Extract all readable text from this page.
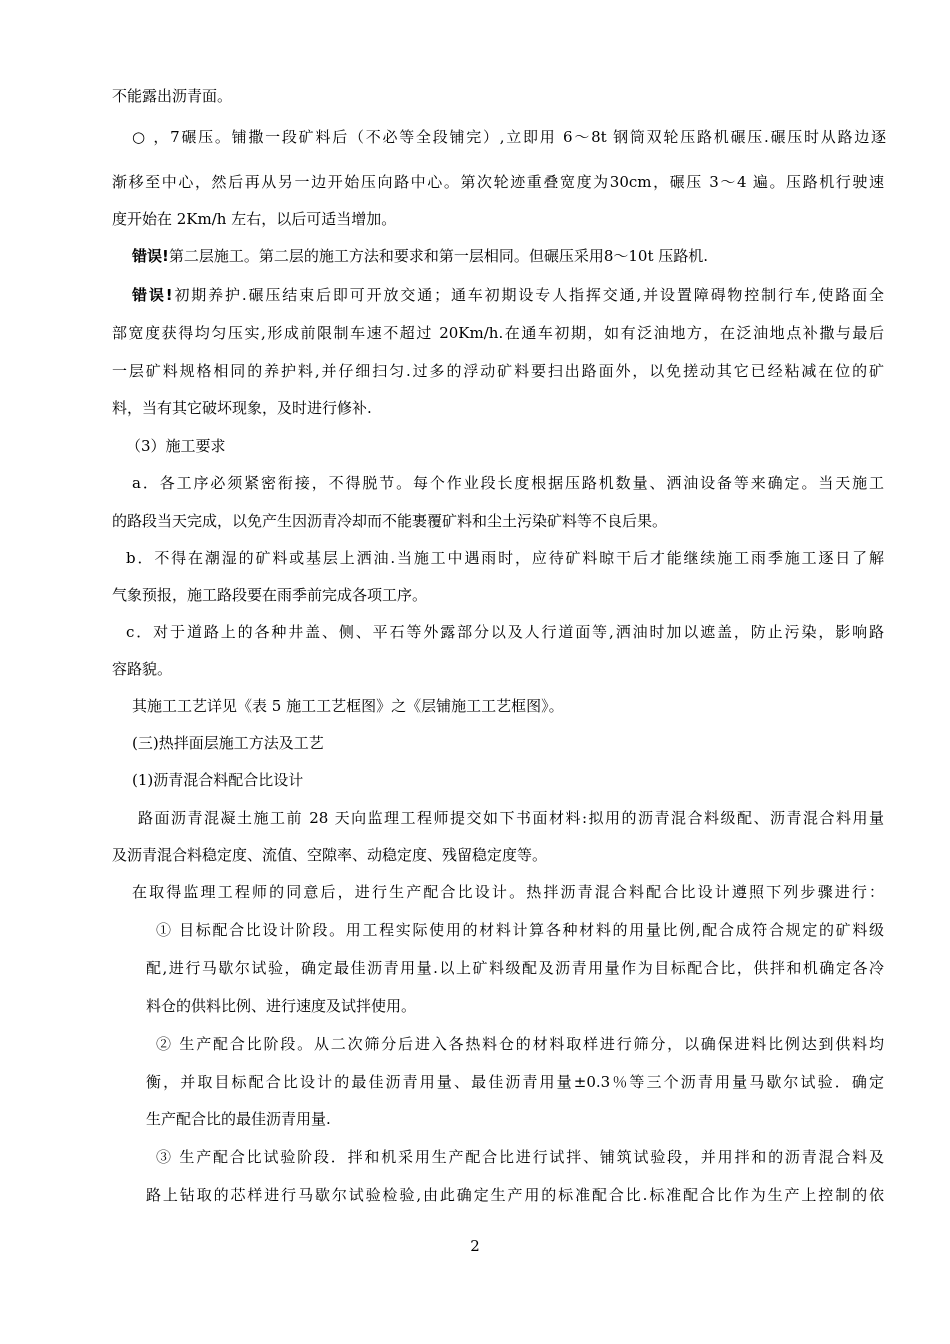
不能露出沥青面。
○ ，7碾压。铺撒一段矿料后（不必等全段铺完）,立即用 6～8t 钢筒双轮压路机碾压.碾压时从路边逐
渐移至中心，然后再从另一边开始压向路中心。第次轮迹重叠宽度为30cm，碾压 3～4 遍。压路机行驶速
度开始在 2Km/h 左右，以后可适当增加。
错误!第二层施工。第二层的施工方法和要求和第一层相同。但碾压采用8～10t 压路机.
错误!初期养护.碾压结束后即可开放交通；通车初期设专人指挥交通,并设置障碍物控制行车,使路面全
部宽度获得均匀压实,形成前限制车速不超过 20Km/h.在通车初期，如有泛油地方，在泛油地点补撒与最后
一层矿料规格相同的养护料,并仔细扫匀.过多的浮动矿料要扫出路面外，以免搓动其它已经粘减在位的矿
料，当有其它破坏现象，及时进行修补.
（3）施工要求
a．各工序必须紧密衔接，不得脱节。每个作业段长度根据压路机数量、洒油设备等来确定。当天施工
的路段当天完成，以免产生因沥青冷却而不能裹覆矿料和尘土污染矿料等不良后果。
b．不得在潮湿的矿料或基层上洒油.当施工中遇雨时，应待矿料晾干后才能继续施工雨季施工逐日了解
气象预报，施工路段要在雨季前完成各项工序。
c．对于道路上的各种井盖、侧、平石等外露部分以及人行道面等,洒油时加以遮盖，防止污染，影响路
容路貌。
其施工工艺详见《表 5 施工工艺框图》之《层铺施工工艺框图》。
(三)热拌面层施工方法及工艺
(1)沥青混合料配合比设计
路面沥青混凝土施工前 28 天向监理工程师提交如下书面材料:拟用的沥青混合料级配、沥青混合料用量
及沥青混合料稳定度、流值、空隙率、动稳定度、残留稳定度等。
在取得监理工程师的同意后，进行生产配合比设计。热拌沥青混合料配合比设计遵照下列步骤进行：
① 目标配合比设计阶段。用工程实际使用的材料计算各种材料的用量比例,配合成符合规定的矿料级
配,进行马歇尔试验，确定最佳沥青用量.以上矿料级配及沥青用量作为目标配合比，供拌和机确定各冷
料仓的供料比例、进行速度及试拌使用。
② 生产配合比阶段。从二次筛分后进入各热料仓的材料取样进行筛分，以确保进料比例达到供料均
衡，并取目标配合比设计的最佳沥青用量、最佳沥青用量±0.3％等三个沥青用量马歇尔试验．确定
生产配合比的最佳沥青用量.
③ 生产配合比试验阶段．拌和机采用生产配合比进行试拌、铺筑试验段，并用拌和的沥青混合料及
路上钻取的芯样进行马歇尔试验检验,由此确定生产用的标准配合比.标准配合比作为生产上控制的依
2
